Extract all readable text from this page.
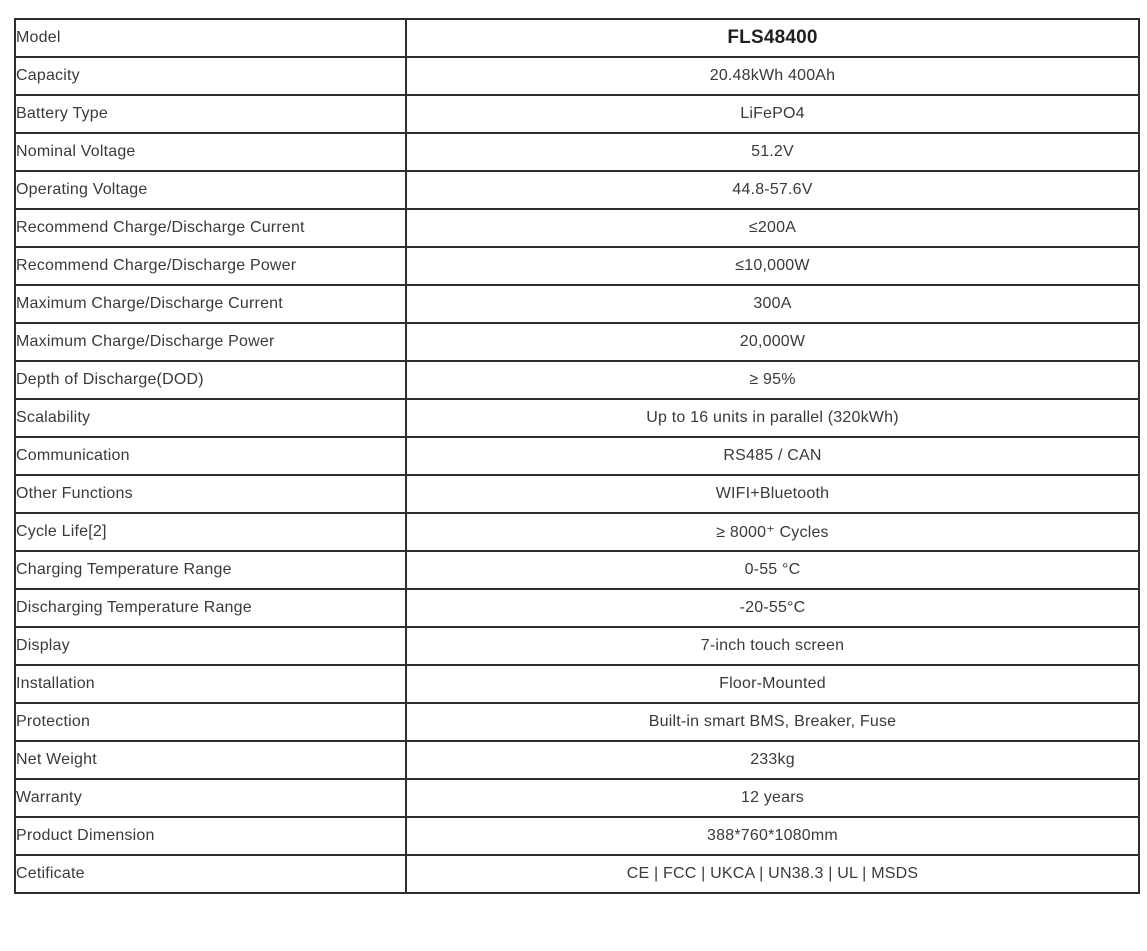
Model	FLS48400
Capacity	20.48kWh 400Ah
Battery Type	LiFePO4
Nominal Voltage	51.2V
Operating Voltage	44.8-57.6V
Recommend Charge/Discharge Current	≤200A
Recommend Charge/Discharge Power	≤10,000W
Maximum Charge/Discharge Current	300A
Maximum Charge/Discharge Power	20,000W
Depth of Discharge(DOD)	≥ 95%
Scalability	Up to 16 units in parallel (320kWh)
Communication	RS485 / CAN
Other Functions	WIFI+Bluetooth
Cycle Life[2]	≥ 8000⁺ Cycles
Charging Temperature Range	0-55 °C
Discharging Temperature Range	-20-55°C
Display	7-inch touch screen
Installation	Floor-Mounted
Protection	Built-in smart BMS, Breaker, Fuse
Net Weight	233kg
Warranty	12 years
Product Dimension	388*760*1080mm
Cetificate	CE | FCC | UKCA | UN38.3 | UL | MSDS
